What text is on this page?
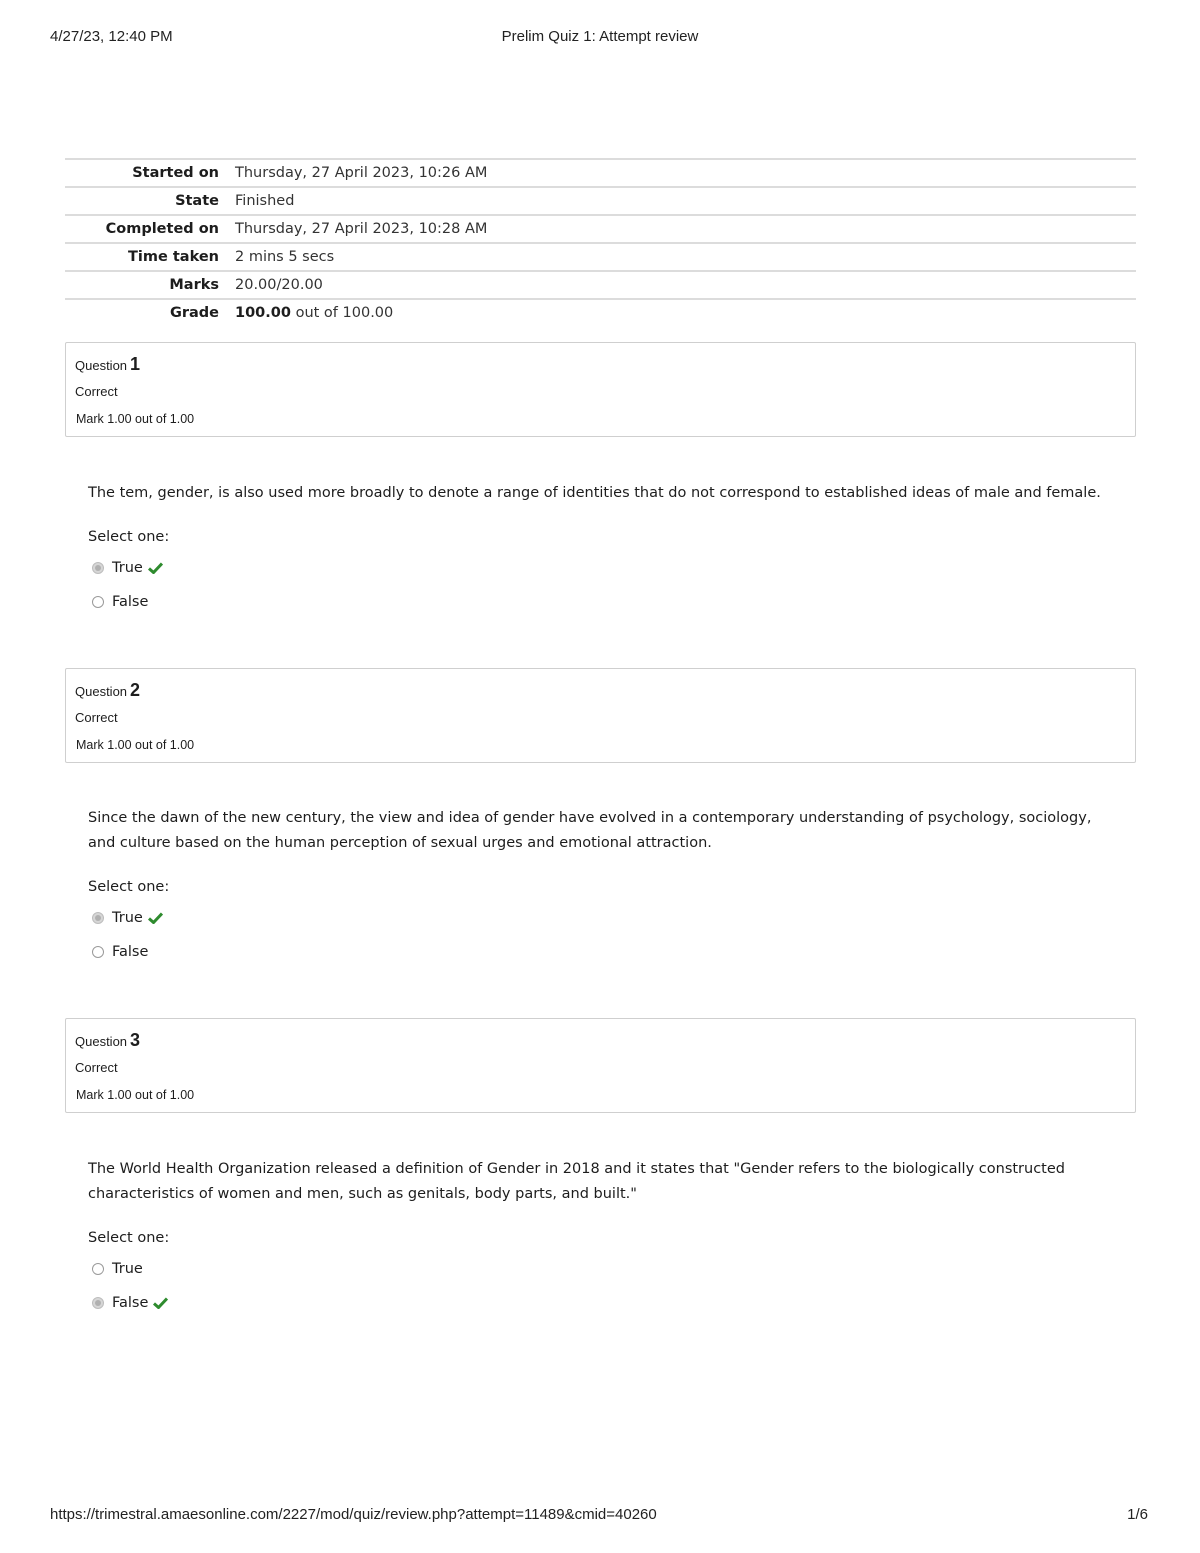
4/27/23, 12:40 PM	Prelim Quiz 1: Attempt review
Started on	Thursday, 27 April 2023, 10:26 AM
State	Finished
Completed on	Thursday, 27 April 2023, 10:28 AM
Time taken	2 mins 5 secs
Marks	20.00/20.00
Grade	100.00 out of 100.00
Question 1
Correct
Mark 1.00 out of 1.00

The tem, gender, is also used more broadly to denote a range of identities that do not correspond to established ideas of male and female.

Select one:
True
False
Question 2
Correct
Mark 1.00 out of 1.00

Since the dawn of the new century, the view and idea of gender have evolved in a contemporary understanding of psychology, sociology, and culture based on the human perception of sexual urges and emotional attraction.

Select one:
True
False
Question 3
Correct
Mark 1.00 out of 1.00

The World Health Organization released a definition of Gender in 2018 and it states that "Gender refers to the biologically constructed characteristics of women and men, such as genitals, body parts, and built."

Select one:
True
False
https://trimestral.amaesonline.com/2227/mod/quiz/review.php?attempt=11489&cmid=40260	1/6
